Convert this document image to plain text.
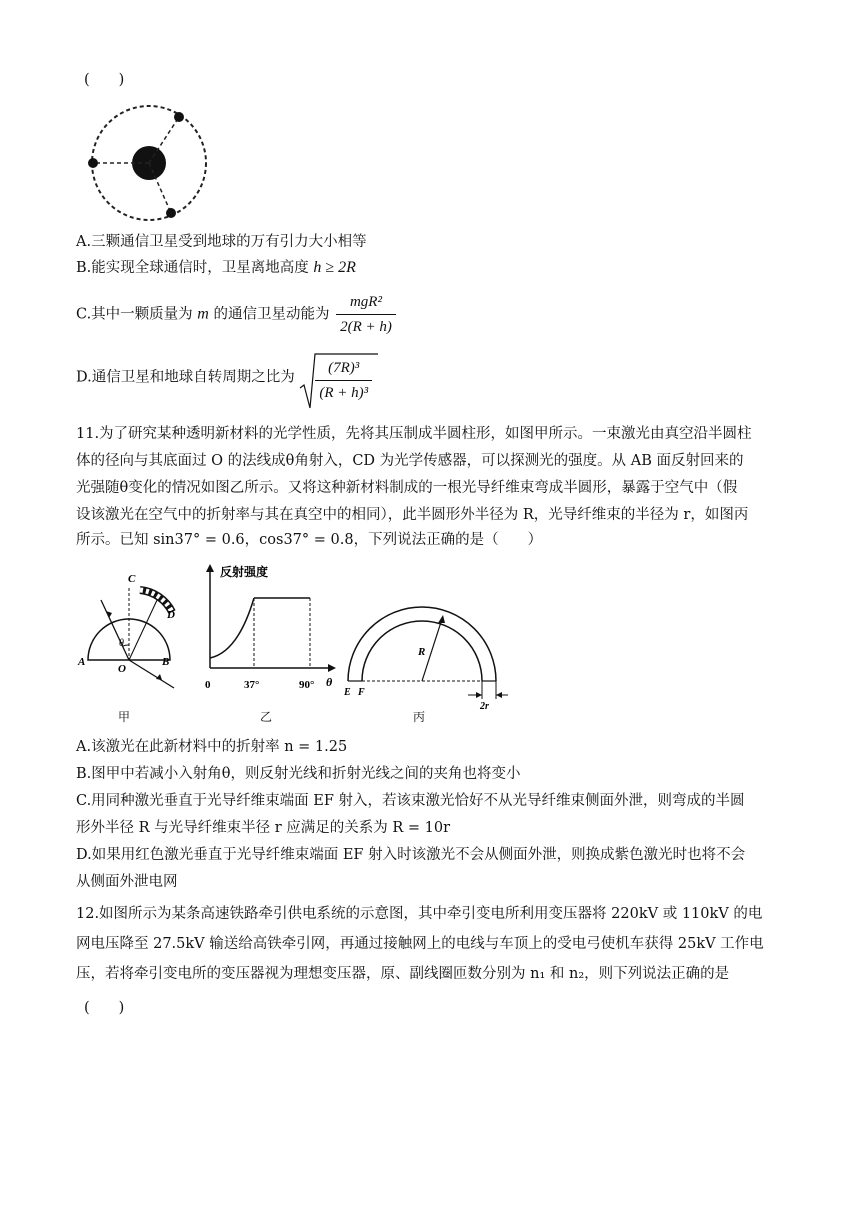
(　　)
A.三颗通信卫星受到地球的万有引力大小相等
B.能实现全球通信时，卫星离地高度 h ≥ 2R
C.其中一颗质量为 m 的通信卫星动能为 $\frac{\text{mgR²}}{2(R + h)}$
D.通信卫星和地球自转周期之比为 $\frac{\text{(7R)³}}{\text{(R + h)³}}$
11.为了研究某种透明新材料的光学性质，先将其压制成半圆柱形，如图甲所示。一束激光由真空沿半圆柱
体的径向与其底面过 O 的法线成θ角射入，CD 为光学传感器，可以探测光的强度。从 AB 面反射回来的
光强随θ变化的情况如图乙所示。又将这种新材料制成的一根光导纤维束弯成半圆形，暴露于空气中（假
设该激光在空气中的折射率与其在真空中的相同），此半圆形外半径为 R，光导纤维束的半径为 r，如图丙
所示。已知 sin37° = 0.6，cos37° = 0.8，下列说法正确的是（　　）
θ
A	B
O
C
D
甲
反射强度
0	37°	90° θ
乙
R
E F
2r
丙
A.该激光在此新材料中的折射率 n = 1.25
B.图甲中若减小入射角θ，则反射光线和折射光线之间的夹角也将变小
C.用同种激光垂直于光导纤维束端面 EF 射入，若该束激光恰好不从光导纤维束侧面外泄，则弯成的半圆
形外半径 R 与光导纤维束半径 r 应满足的关系为 R = 10r
D.如果用红色激光垂直于光导纤维束端面 EF 射入时该激光不会从侧面外泄，则换成紫色激光时也将不会
从侧面外泄电网
12.如图所示为某条高速铁路牵引供电系统的示意图，其中牵引变电所利用变压器将 220kV 或 110kV 的电
网电压降至 27.5kV 输送给高铁牵引网，再通过接触网上的电线与车顶上的受电弓使机车获得 25kV 工作电
压，若将牵引变电所的变压器视为理想变压器，原、副线圈匝数分别为 n₁ 和 n₂，则下列说法正确的是
(　　)
